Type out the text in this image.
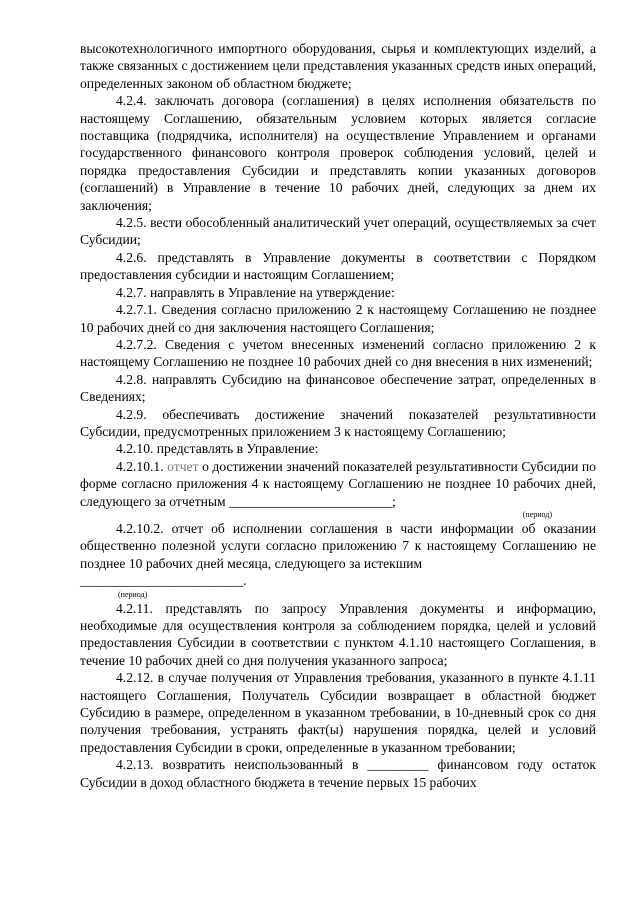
высокотехнологичного импортного оборудования, сырья и комплектующих изделий, а также связанных с достижением цели представления указанных средств иных операций, определенных законом об областном бюджете;

4.2.4. заключать договора (соглашения) в целях исполнения обязательств по настоящему Соглашению, обязательным условием которых является согласие поставщика (подрядчика, исполнителя) на осуществление Управлением и органами государственного финансового контроля проверок соблюдения условий, целей и порядка предоставления Субсидии и представлять копии указанных договоров (соглашений) в Управление в течение 10 рабочих дней, следующих за днем их заключения;

4.2.5. вести обособленный аналитический учет операций, осуществляемых за счет Субсидии;

4.2.6. представлять в Управление документы в соответствии с Порядком предоставления субсидии и настоящим Соглашением;

4.2.7. направлять в Управление на утверждение:

4.2.7.1. Сведения согласно приложению 2 к настоящему Соглашению не позднее 10 рабочих дней со дня заключения настоящего Соглашения;

4.2.7.2. Сведения с учетом внесенных изменений согласно приложению 2 к настоящему Соглашению не позднее 10 рабочих дней со дня внесения в них изменений;

4.2.8. направлять Субсидию на финансовое обеспечение затрат, определенных в Сведениях;

4.2.9. обеспечивать достижение значений показателей результативности Субсидии, предусмотренных приложением 3 к настоящему Соглашению;

4.2.10. представлять в Управление:

4.2.10.1. отчет о достижении значений показателей результативности Субсидии по форме согласно приложения 4 к настоящему Соглашению не позднее 10 рабочих дней, следующего за отчетным ________________________;

(период)

4.2.10.2. отчет об исполнении соглашения в части информации об оказании общественно полезной услуги согласно приложению 7 к настоящему Соглашению не позднее 10 рабочих дней месяца, следующего за истекшим

________________________.

(период)

4.2.11. представлять по запросу Управления документы и информацию, необходимые для осуществления контроля за соблюдением порядка, целей и условий предоставления Субсидии в соответствии с пунктом 4.1.10 настоящего Соглашения, в течение 10 рабочих дней со дня получения указанного запроса;

4.2.12. в случае получения от Управления требования, указанного в пункте 4.1.11 настоящего Соглашения, Получатель Субсидии возвращает в областной бюджет Субсидию в размере, определенном в указанном требовании, в 10-дневный срок со дня получения требования, устранять факт(ы) нарушения порядка, целей и условий предоставления Субсидии в сроки, определенные в указанном требовании;

4.2.13. возвратить неиспользованный в _________ финансовом году остаток Субсидии в доход областного бюджета в течение первых 15 рабочих
